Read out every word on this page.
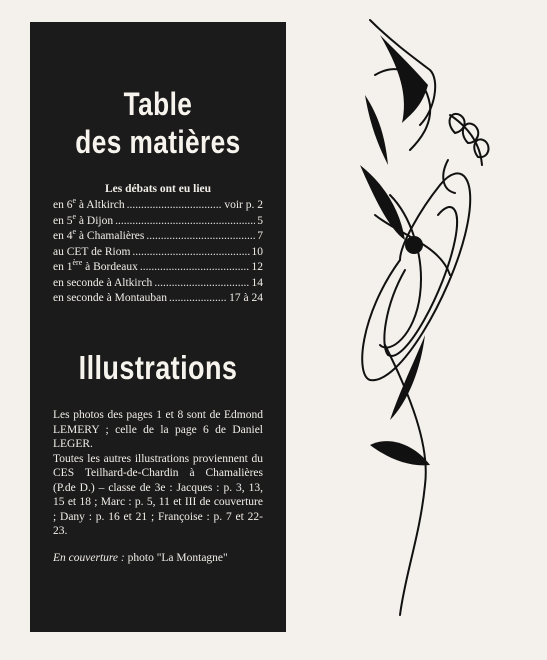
Table
des matières
Les débats ont eu lieu
en 6e à Altkirch .....	voir p. 2
en 5e à Dijon .....	5
en 4e à Chamalières .....	7
au CET de Riom .....	10
en 1ère à Bordeaux .....	12
en seconde à Altkirch .....	14
en seconde à Montauban .....	17 à 24
Illustrations

Les photos des pages 1 et 8 sont de Edmond LEMERY ; celle de la page 6 de Daniel LEGER.

Toutes les autres illustrations proviennent du CES Teilhard-de-Chardin à Chamalières (P.de D.) – classe de 3e : Jacques : p. 3, 13, 15 et 18 ; Marc : p. 5, 11 et III de couverture ; Dany : p. 16 et 21 ; Françoise : p. 7 et 22-23.

En couverture : photo "La Montagne"
